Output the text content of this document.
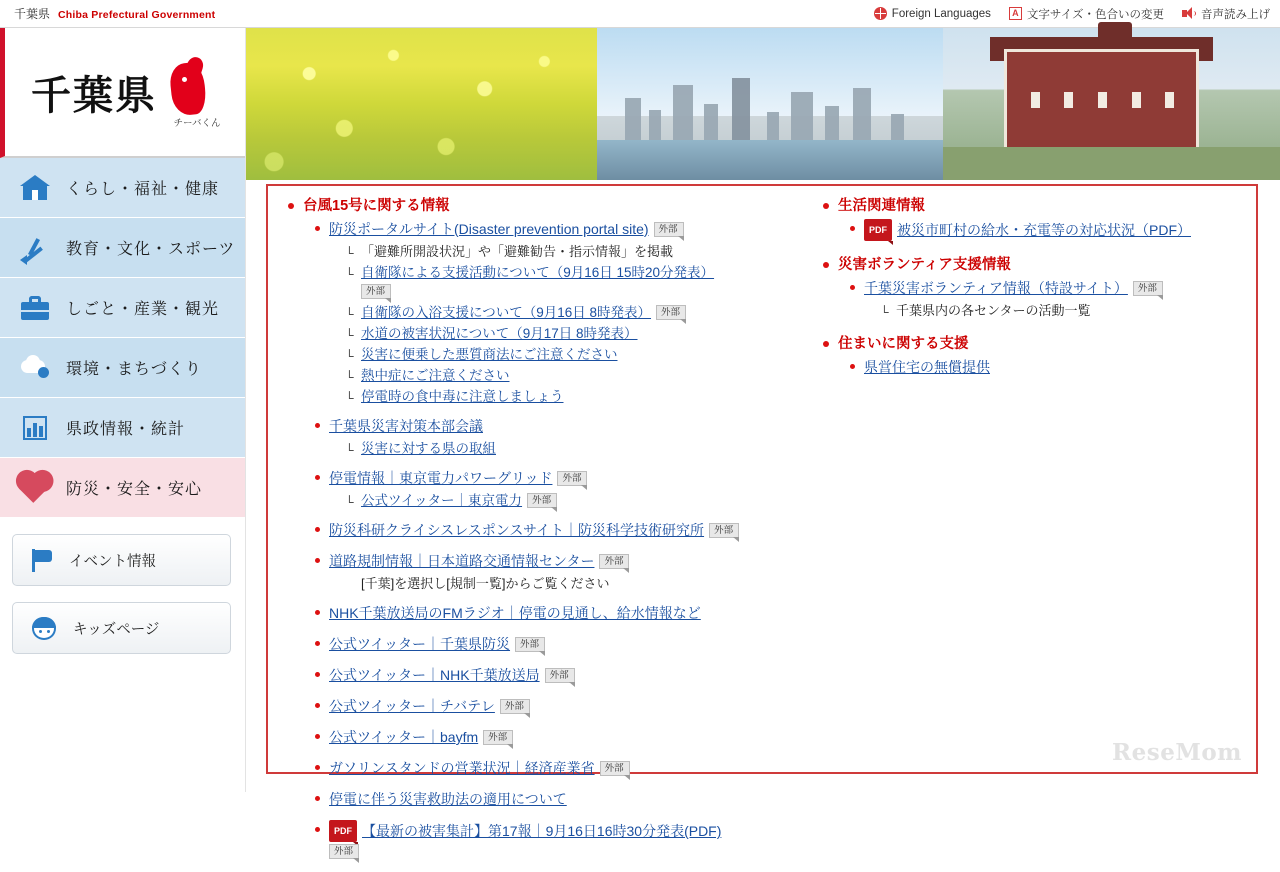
千葉県 Chiba Prefectural Government	Foreign Languages	A 文字サイズ・色合いの変更	音声読み上げ
千葉県
チーバくん
くらし・福祉・健康
教育・文化・スポーツ
しごと・産業・観光
環境・まちづくり
県政情報・統計
防災・安全・安心
イベント情報
キッズページ
台風15号に関する情報
防災ポータルサイト(Disaster prevention portal site) 外部
└ 「避難所開設状況」や「避難勧告・指示情報」を掲載
└ 自衛隊による支援活動について（9月16日 15時20分発表）
外部
└ 自衛隊の入浴支援について（9月16日 8時発表） 外部
└ 水道の被害状況について（9月17日 8時発表）
└ 災害に便乗した悪質商法にご注意ください
└ 熱中症にご注意ください
└ 停電時の食中毒に注意しましょう
千葉県災害対策本部会議
└ 災害に対する県の取組
停電情報｜東京電力パワーグリッド 外部
└ 公式ツイッター｜東京電力 外部
防災科研クライシスレスポンスサイト｜防災科学技術研究所 外部
道路規制情報｜日本道路交通情報センター 外部
[千葉]を選択し[規制一覧]からご覧ください
NHK千葉放送局のFMラジオ｜停電の見通し、給水情報など
公式ツイッター｜千葉県防災 外部
公式ツイッター｜NHK千葉放送局 外部
公式ツイッター｜チバテレ 外部
公式ツイッター｜bayfm 外部
ガソリンスタンドの営業状況｜経済産業省 外部
停電に伴う災害救助法の適用について
PDF 【最新の被害集計】第17報｜9月16日16時30分発表(PDF)
外部
生活関連情報
PDF 被災市町村の給水・充電等の対応状況（PDF）
災害ボランティア支援情報
千葉災害ボランティア情報（特設サイト） 外部
└ 千葉県内の各センターの活動一覧
住まいに関する支援
県営住宅の無償提供
ReseMom
